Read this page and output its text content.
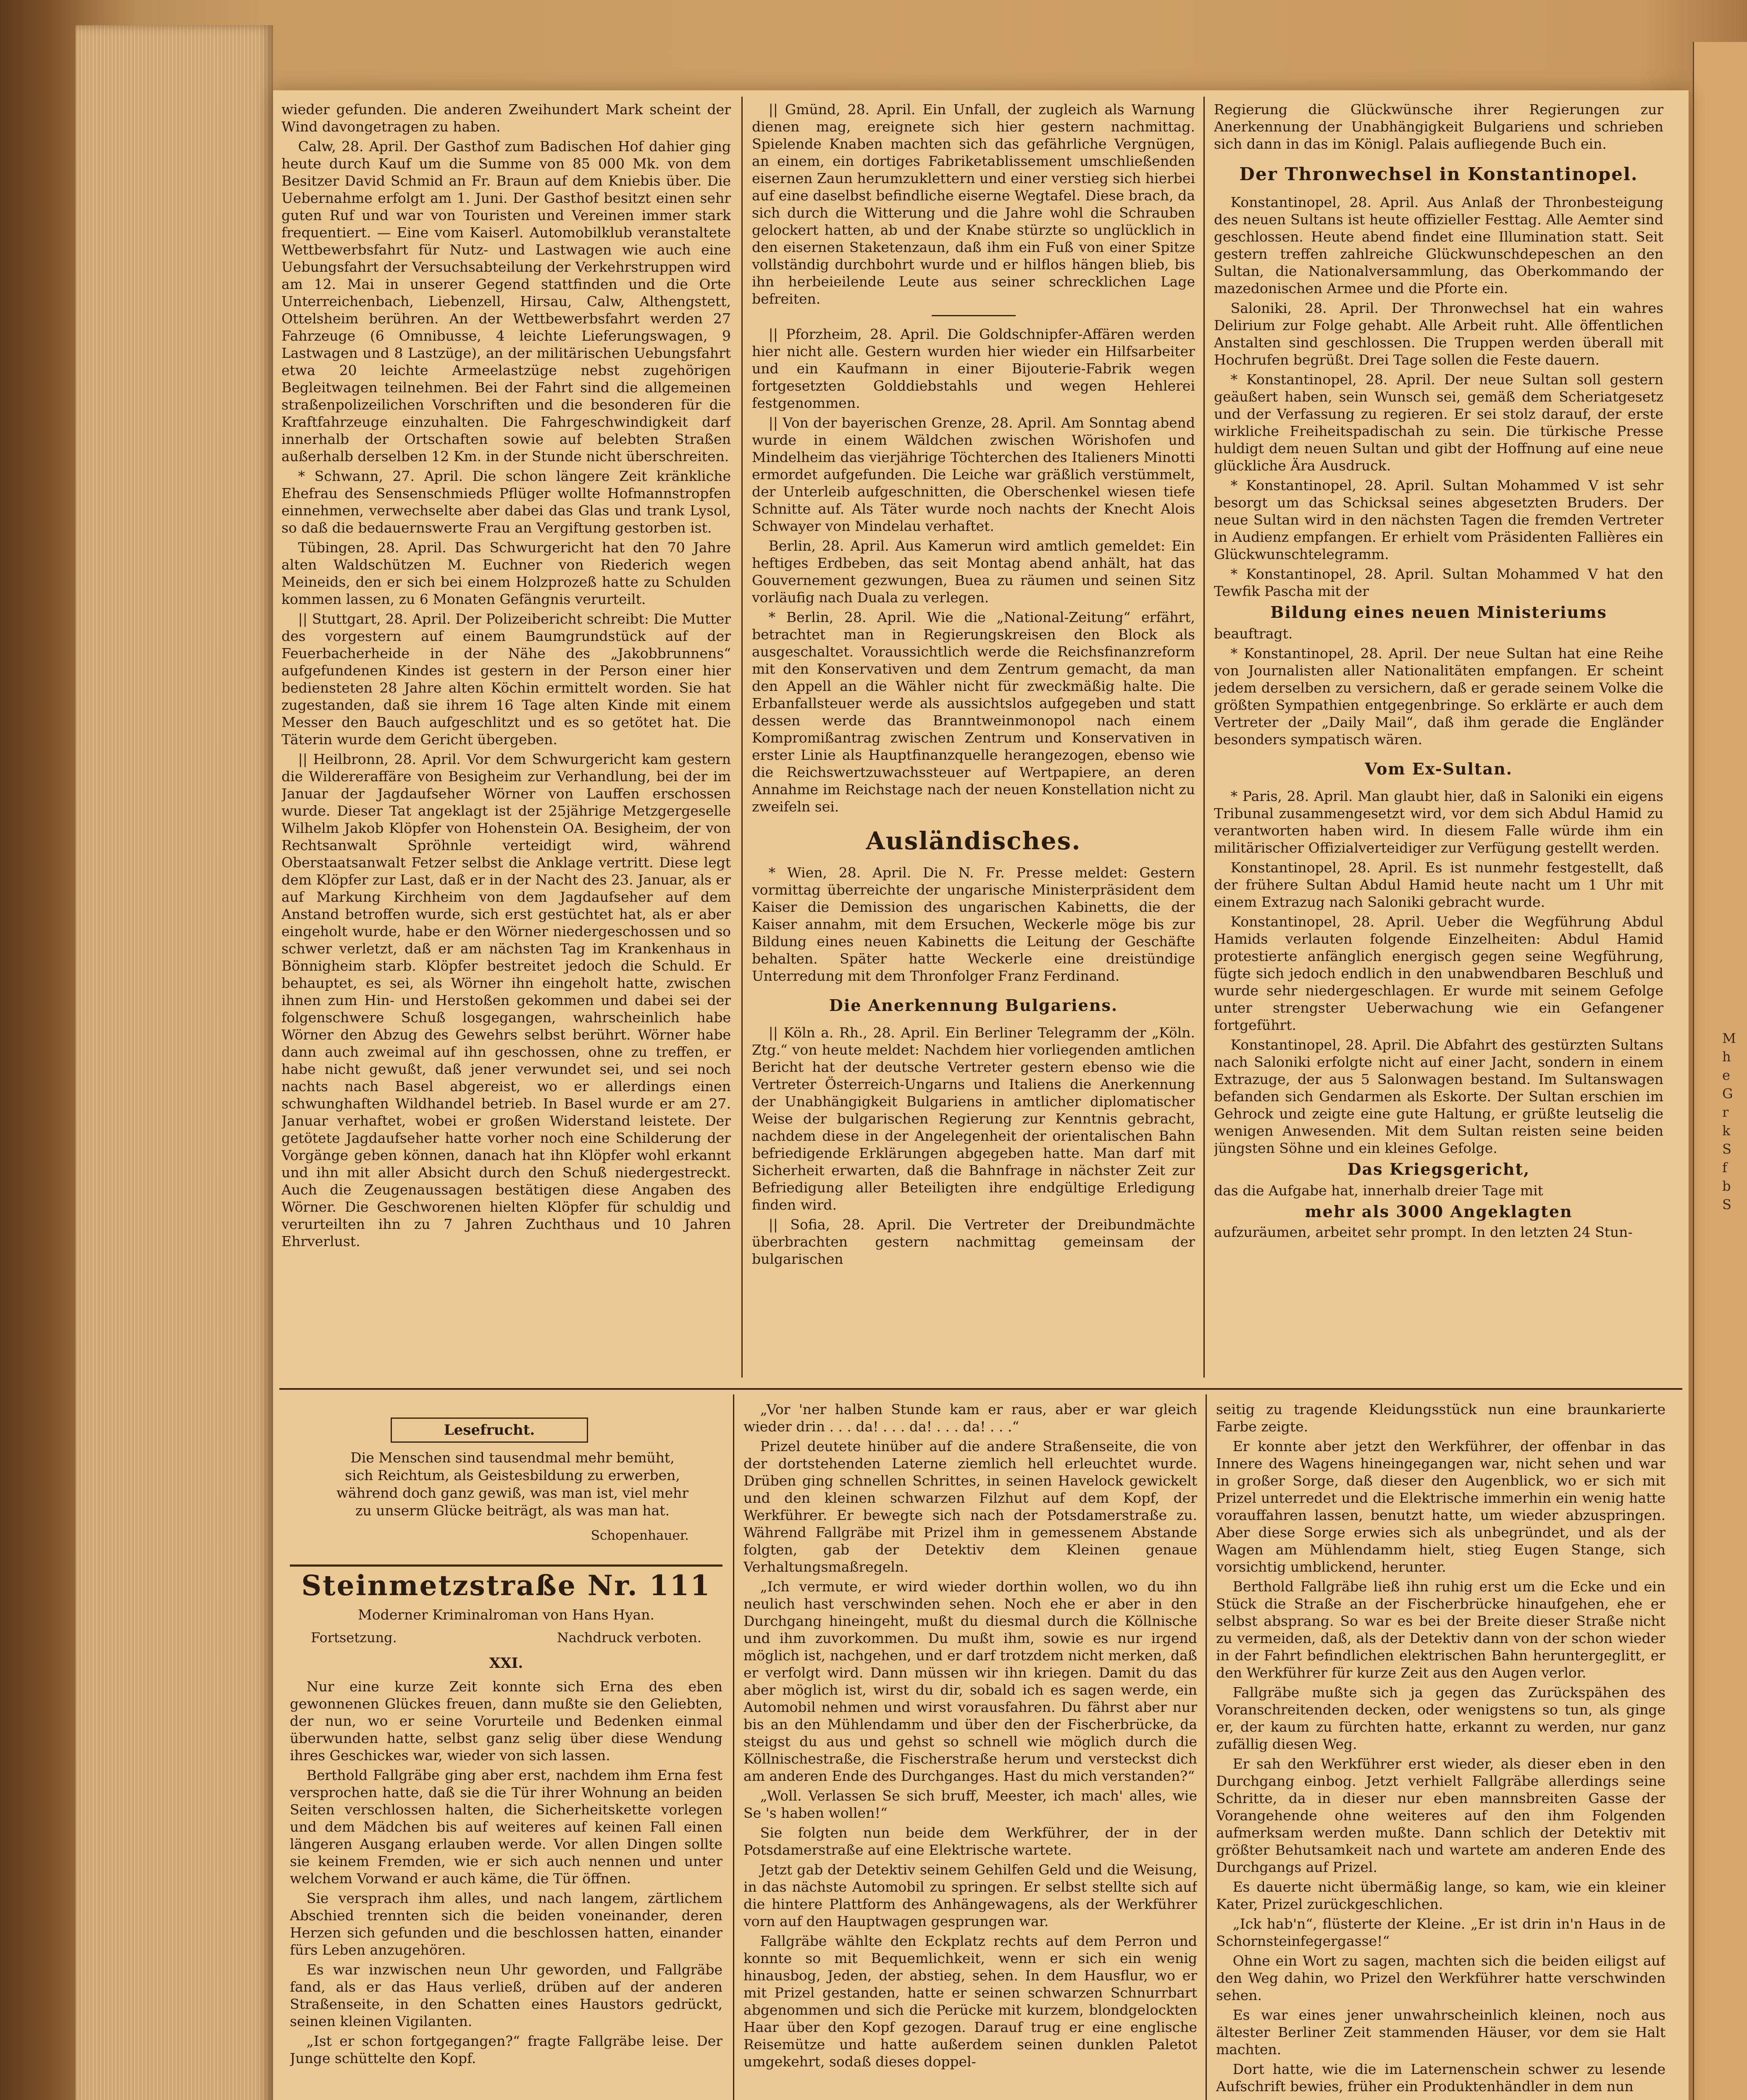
wieder gefunden. Die anderen Zweihundert Mark scheint der Wind davongetragen zu haben.

Calw, 28. April. Der Gasthof zum Badischen Hof dahier ging heute durch Kauf um die Summe von 85 000 Mk. von dem Besitzer David Schmid an Fr. Braun auf dem Kniebis über. Die Uebernahme erfolgt am 1. Juni. Der Gasthof besitzt einen sehr guten Ruf und war von Touristen und Vereinen immer stark frequentiert. — Eine vom Kaiserl. Automobilklub veranstaltete Wettbewerbsfahrt für Nutz- und Lastwagen wie auch eine Uebungsfahrt der Versuchsabteilung der Verkehrstruppen wird am 12. Mai in unserer Gegend stattfinden und die Orte Unterreichenbach, Liebenzell, Hirsau, Calw, Althengstett, Ottelsheim berühren. An der Wettbewerbsfahrt werden 27 Fahrzeuge (6 Omnibusse, 4 leichte Lieferungswagen, 9 Lastwagen und 8 Lastzüge), an der militärischen Uebungsfahrt etwa 20 leichte Armeelastzüge nebst zugehörigen Begleitwagen teilnehmen. Bei der Fahrt sind die allgemeinen straßenpolizeilichen Vorschriften und die besonderen für die Kraftfahrzeuge einzuhalten. Die Fahrgeschwindigkeit darf innerhalb der Ortschaften sowie auf belebten Straßen außerhalb derselben 12 Km. in der Stunde nicht überschreiten.

* Schwann, 27. April. Die schon längere Zeit kränkliche Ehefrau des Sensenschmieds Pflüger wollte Hofmannstropfen einnehmen, verwechselte aber dabei das Glas und trank Lysol, so daß die bedauernswerte Frau an Vergiftung gestorben ist.

Tübingen, 28. April. Das Schwurgericht hat den 70 Jahre alten Waldschützen M. Euchner von Riederich wegen Meineids, den er sich bei einem Holzprozeß hatte zu Schulden kommen lassen, zu 6 Monaten Gefängnis verurteilt.

|| Stuttgart, 28. April. Der Polizeibericht schreibt: Die Mutter des vorgestern auf einem Baumgrundstück auf der Feuerbacherheide in der Nähe des „Jakobbrunnens“ aufgefundenen Kindes ist gestern in der Person einer hier bediensteten 28 Jahre alten Köchin ermittelt worden. Sie hat zugestanden, daß sie ihrem 16 Tage alten Kinde mit einem Messer den Bauch aufgeschlitzt und es so getötet hat. Die Täterin wurde dem Gericht übergeben.

|| Heilbronn, 28. April. Vor dem Schwurgericht kam gestern die Wildereraffäre von Besigheim zur Verhandlung, bei der im Januar der Jagdaufseher Wörner von Lauffen erschossen wurde. Dieser Tat angeklagt ist der 25jährige Metzgergeselle Wilhelm Jakob Klöpfer von Hohenstein OA. Besigheim, der von Rechtsanwalt Spröhnle verteidigt wird, während Oberstaatsanwalt Fetzer selbst die Anklage vertritt. Diese legt dem Klöpfer zur Last, daß er in der Nacht des 23. Januar, als er auf Markung Kirchheim von dem Jagdaufseher auf dem Anstand betroffen wurde, sich erst gestüchtet hat, als er aber eingeholt wurde, habe er den Wörner niedergeschossen und so schwer verletzt, daß er am nächsten Tag im Krankenhaus in Bönnigheim starb. Klöpfer bestreitet jedoch die Schuld. Er behauptet, es sei, als Wörner ihn eingeholt hatte, zwischen ihnen zum Hin- und Herstoßen gekommen und dabei sei der folgenschwere Schuß losgegangen, wahrscheinlich habe Wörner den Abzug des Gewehrs selbst berührt. Wörner habe dann auch zweimal auf ihn geschossen, ohne zu treffen, er habe nicht gewußt, daß jener verwundet sei, und sei noch nachts nach Basel abgereist, wo er allerdings einen schwunghaften Wildhandel betrieb. In Basel wurde er am 27. Januar verhaftet, wobei er großen Widerstand leistete. Der getötete Jagdaufseher hatte vorher noch eine Schilderung der Vorgänge geben können, danach hat ihn Klöpfer wohl erkannt und ihn mit aller Absicht durch den Schuß niedergestreckt. Auch die Zeugenaussagen bestätigen diese Angaben des Wörner. Die Geschworenen hielten Klöpfer für schuldig und verurteilten ihn zu 7 Jahren Zuchthaus und 10 Jahren Ehrverlust.

|| Gmünd, 28. April. Ein Unfall, der zugleich als Warnung dienen mag, ereignete sich hier gestern nachmittag. Spielende Knaben machten sich das gefährliche Vergnügen, an einem, ein dortiges Fabriketablissement umschließenden eisernen Zaun herumzuklettern und einer verstieg sich hierbei auf eine daselbst befindliche eiserne Wegtafel. Diese brach, da sich durch die Witterung und die Jahre wohl die Schrauben gelockert hatten, ab und der Knabe stürzte so unglücklich in den eisernen Staketenzaun, daß ihm ein Fuß von einer Spitze vollständig durchbohrt wurde und er hilflos hängen blieb, bis ihn herbeieilende Leute aus seiner schrecklichen Lage befreiten.

|| Pforzheim, 28. April. Die Goldschnipfer-Affären werden hier nicht alle. Gestern wurden hier wieder ein Hilfsarbeiter und ein Kaufmann in einer Bijouterie-Fabrik wegen fortgesetzten Golddiebstahls und wegen Hehlerei festgenommen.

|| Von der bayerischen Grenze, 28. April. Am Sonntag abend wurde in einem Wäldchen zwischen Wörishofen und Mindelheim das vierjährige Töchterchen des Italieners Minotti ermordet aufgefunden. Die Leiche war gräßlich verstümmelt, der Unterleib aufgeschnitten, die Oberschenkel wiesen tiefe Schnitte auf. Als Täter wurde noch nachts der Knecht Alois Schwayer von Mindelau verhaftet.

Berlin, 28. April. Aus Kamerun wird amtlich gemeldet: Ein heftiges Erdbeben, das seit Montag abend anhält, hat das Gouvernement gezwungen, Buea zu räumen und seinen Sitz vorläufig nach Duala zu verlegen.

* Berlin, 28. April. Wie die „National-Zeitung“ erfährt, betrachtet man in Regierungskreisen den Block als ausgeschaltet. Voraussichtlich werde die Reichsfinanzreform mit den Konservativen und dem Zentrum gemacht, da man den Appell an die Wähler nicht für zweckmäßig halte. Die Erbanfallsteuer werde als aussichtslos aufgegeben und statt dessen werde das Branntweinmonopol nach einem Kompromißantrag zwischen Zentrum und Konservativen in erster Linie als Hauptfinanzquelle herangezogen, ebenso wie die Reichswertzuwachssteuer auf Wertpapiere, an deren Annahme im Reichstage nach der neuen Konstellation nicht zu zweifeln sei.

Ausländisches.

* Wien, 28. April. Die N. Fr. Presse meldet: Gestern vormittag überreichte der ungarische Ministerpräsident dem Kaiser die Demission des ungarischen Kabinetts, die der Kaiser annahm, mit dem Ersuchen, Weckerle möge bis zur Bildung eines neuen Kabinetts die Leitung der Geschäfte behalten. Später hatte Weckerle eine dreistündige Unterredung mit dem Thronfolger Franz Ferdinand.

Die Anerkennung Bulgariens.

|| Köln a. Rh., 28. April. Ein Berliner Telegramm der „Köln. Ztg.“ von heute meldet: Nachdem hier vorliegenden amtlichen Bericht hat der deutsche Vertreter gestern ebenso wie die Vertreter Österreich-Ungarns und Italiens die Anerkennung der Unabhängigkeit Bulgariens in amtlicher diplomatischer Weise der bulgarischen Regierung zur Kenntnis gebracht, nachdem diese in der Angelegenheit der orientalischen Bahn befriedigende Erklärungen abgegeben hatte. Man darf mit Sicherheit erwarten, daß die Bahnfrage in nächster Zeit zur Befriedigung aller Beteiligten ihre endgültige Erledigung finden wird.

|| Sofia, 28. April. Die Vertreter der Dreibundmächte überbrachten gestern nachmittag gemeinsam der bulgarischen

Regierung die Glückwünsche ihrer Regierungen zur Anerkennung der Unabhängigkeit Bulgariens und schrieben sich dann in das im Königl. Palais aufliegende Buch ein.

Der Thronwechsel in Konstantinopel.

Konstantinopel, 28. April. Aus Anlaß der Thronbesteigung des neuen Sultans ist heute offizieller Festtag. Alle Aemter sind geschlossen. Heute abend findet eine Illumination statt. Seit gestern treffen zahlreiche Glückwunschdepeschen an den Sultan, die Nationalversammlung, das Oberkommando der mazedonischen Armee und die Pforte ein.

Saloniki, 28. April. Der Thronwechsel hat ein wahres Delirium zur Folge gehabt. Alle Arbeit ruht. Alle öffentlichen Anstalten sind geschlossen. Die Truppen werden überall mit Hochrufen begrüßt. Drei Tage sollen die Feste dauern.

* Konstantinopel, 28. April. Der neue Sultan soll gestern geäußert haben, sein Wunsch sei, gemäß dem Scheriatgesetz und der Verfassung zu regieren. Er sei stolz darauf, der erste wirkliche Freiheitspadischah zu sein. Die türkische Presse huldigt dem neuen Sultan und gibt der Hoffnung auf eine neue glückliche Ära Ausdruck.

* Konstantinopel, 28. April. Sultan Mohammed V ist sehr besorgt um das Schicksal seines abgesetzten Bruders. Der neue Sultan wird in den nächsten Tagen die fremden Vertreter in Audienz empfangen. Er erhielt vom Präsidenten Fallières ein Glückwunschtelegramm.

* Konstantinopel, 28. April. Sultan Mohammed V hat den Tewfik Pascha mit der

Bildung eines neuen Ministeriums

beauftragt.

* Konstantinopel, 28. April. Der neue Sultan hat eine Reihe von Journalisten aller Nationalitäten empfangen. Er scheint jedem derselben zu versichern, daß er gerade seinem Volke die größten Sympathien entgegenbringe. So erklärte er auch dem Vertreter der „Daily Mail“, daß ihm gerade die Engländer besonders sympatisch wären.

Vom Ex-Sultan.

* Paris, 28. April. Man glaubt hier, daß in Saloniki ein eigens Tribunal zusammengesetzt wird, vor dem sich Abdul Hamid zu verantworten haben wird. In diesem Falle würde ihm ein militärischer Offizialverteidiger zur Verfügung gestellt werden.

Konstantinopel, 28. April. Es ist nunmehr festgestellt, daß der frühere Sultan Abdul Hamid heute nacht um 1 Uhr mit einem Extrazug nach Saloniki gebracht wurde.

Konstantinopel, 28. April. Ueber die Wegführung Abdul Hamids verlauten folgende Einzelheiten: Abdul Hamid protestierte anfänglich energisch gegen seine Wegführung, fügte sich jedoch endlich in den unabwendbaren Beschluß und wurde sehr niedergeschlagen. Er wurde mit seinem Gefolge unter strengster Ueberwachung wie ein Gefangener fortgeführt.

Konstantinopel, 28. April. Die Abfahrt des gestürzten Sultans nach Saloniki erfolgte nicht auf einer Jacht, sondern in einem Extrazuge, der aus 5 Salonwagen bestand. Im Sultanswagen befanden sich Gendarmen als Eskorte. Der Sultan erschien im Gehrock und zeigte eine gute Haltung, er grüßte leutselig die wenigen Anwesenden. Mit dem Sultan reisten seine beiden jüngsten Söhne und ein kleines Gefolge.

Das Kriegsgericht,

das die Aufgabe hat, innerhalb dreier Tage mit

mehr als 3000 Angeklagten

aufzuräumen, arbeitet sehr prompt. In den letzten 24 Stun-

Lesefrucht.
Die Menschen sind tausendmal mehr bemüht, sich Reichtum, als Geistesbildung zu erwerben, während doch ganz gewiß, was man ist, viel mehr zu unserm Glücke beiträgt, als was man hat.
Schopenhauer.
Steinmetzstraße Nr. 111
Moderner Kriminalroman von Hans Hyan.
Fortsetzung.	Nachdruck verboten.
XXI.

Nur eine kurze Zeit konnte sich Erna des eben gewonnenen Glückes freuen, dann mußte sie den Geliebten, der nun, wo er seine Vorurteile und Bedenken einmal überwunden hatte, selbst ganz selig über diese Wendung ihres Geschickes war, wieder von sich lassen.

Berthold Fallgräbe ging aber erst, nachdem ihm Erna fest versprochen hatte, daß sie die Tür ihrer Wohnung an beiden Seiten verschlossen halten, die Sicherheitskette vorlegen und dem Mädchen bis auf weiteres auf keinen Fall einen längeren Ausgang erlauben werde. Vor allen Dingen sollte sie keinem Fremden, wie er sich auch nennen und unter welchem Vorwand er auch käme, die Tür öffnen.

Sie versprach ihm alles, und nach langem, zärtlichem Abschied trennten sich die beiden voneinander, deren Herzen sich gefunden und die beschlossen hatten, einander fürs Leben anzugehören.

Es war inzwischen neun Uhr geworden, und Fallgräbe fand, als er das Haus verließ, drüben auf der anderen Straßenseite, in den Schatten eines Haustors gedrückt, seinen kleinen Vigilanten.

„Ist er schon fortgegangen?“ fragte Fallgräbe leise. Der Junge schüttelte den Kopf.

„Vor 'ner halben Stunde kam er raus, aber er war gleich wieder drin . . . da! . . . da! . . . da! . . .“

Prizel deutete hinüber auf die andere Straßenseite, die von der dortstehenden Laterne ziemlich hell erleuchtet wurde. Drüben ging schnellen Schrittes, in seinen Havelock gewickelt und den kleinen schwarzen Filzhut auf dem Kopf, der Werkführer. Er bewegte sich nach der Potsdamerstraße zu. Während Fallgräbe mit Prizel ihm in gemessenem Abstande folgten, gab der Detektiv dem Kleinen genaue Verhaltungsmaßregeln.

„Ich vermute, er wird wieder dorthin wollen, wo du ihn neulich hast verschwinden sehen. Noch ehe er aber in den Durchgang hineingeht, mußt du diesmal durch die Köllnische und ihm zuvorkommen. Du mußt ihm, sowie es nur irgend möglich ist, nachgehen, und er darf trotzdem nicht merken, daß er verfolgt wird. Dann müssen wir ihn kriegen. Damit du das aber möglich ist, wirst du dir, sobald ich es sagen werde, ein Automobil nehmen und wirst vorausfahren. Du fährst aber nur bis an den Mühlendamm und über den der Fischerbrücke, da steigst du aus und gehst so schnell wie möglich durch die Köllnischestraße, die Fischerstraße herum und versteckst dich am anderen Ende des Durchganges. Hast du mich verstanden?“

„Woll. Verlassen Se sich bruff, Meester, ich mach' alles, wie Se 's haben wollen!“

Sie folgten nun beide dem Werkführer, der in der Potsdamerstraße auf eine Elektrische wartete.

Jetzt gab der Detektiv seinem Gehilfen Geld und die Weisung, in das nächste Automobil zu springen. Er selbst stellte sich auf die hintere Plattform des Anhängewagens, als der Werkführer vorn auf den Hauptwagen gesprungen war.

Fallgräbe wählte den Eckplatz rechts auf dem Perron und konnte so mit Bequemlichkeit, wenn er sich ein wenig hinausbog, Jeden, der abstieg, sehen. In dem Hausflur, wo er mit Prizel gestanden, hatte er seinen schwarzen Schnurrbart abgenommen und sich die Perücke mit kurzem, blondgelockten Haar über den Kopf gezogen. Darauf trug er eine englische Reisemütze und hatte außerdem seinen dunklen Paletot umgekehrt, sodaß dieses doppel-

seitig zu tragende Kleidungsstück nun eine braunkarierte Farbe zeigte.

Er konnte aber jetzt den Werkführer, der offenbar in das Innere des Wagens hineingegangen war, nicht sehen und war in großer Sorge, daß dieser den Augenblick, wo er sich mit Prizel unterredet und die Elektrische immerhin ein wenig hatte vorauffahren lassen, benutzt hatte, um wieder abzuspringen. Aber diese Sorge erwies sich als unbegründet, und als der Wagen am Mühlendamm hielt, stieg Eugen Stange, sich vorsichtig umblickend, herunter.

Berthold Fallgräbe ließ ihn ruhig erst um die Ecke und ein Stück die Straße an der Fischerbrücke hinaufgehen, ehe er selbst absprang. So war es bei der Breite dieser Straße nicht zu vermeiden, daß, als der Detektiv dann von der schon wieder in der Fahrt befindlichen elektrischen Bahn heruntergeglitt, er den Werkführer für kurze Zeit aus den Augen verlor.

Fallgräbe mußte sich ja gegen das Zurückspähen des Voranschreitenden decken, oder wenigstens so tun, als ginge er, der kaum zu fürchten hatte, erkannt zu werden, nur ganz zufällig diesen Weg.

Er sah den Werkführer erst wieder, als dieser eben in den Durchgang einbog. Jetzt verhielt Fallgräbe allerdings seine Schritte, da in dieser nur eben mannsbreiten Gasse der Vorangehende ohne weiteres auf den ihm Folgenden aufmerksam werden mußte. Dann schlich der Detektiv mit größter Behutsamkeit nach und wartete am anderen Ende des Durchgangs auf Prizel.

Es dauerte nicht übermäßig lange, so kam, wie ein kleiner Kater, Prizel zurückgeschlichen.

„Ick hab'n“, flüsterte der Kleine. „Er ist drin in'n Haus in de Schornsteinfegergasse!“

Ohne ein Wort zu sagen, machten sich die beiden eiligst auf den Weg dahin, wo Prizel den Werkführer hatte verschwinden sehen.

Es war eines jener unwahrscheinlich kleinen, noch aus ältester Berliner Zeit stammenden Häuser, vor dem sie Halt machten.

Dort hatte, wie die im Laternenschein schwer zu lesende Aufschrift bewies, früher ein Produktenhändler in dem nun

M
h
e
G
r
k
S
f
b
S
